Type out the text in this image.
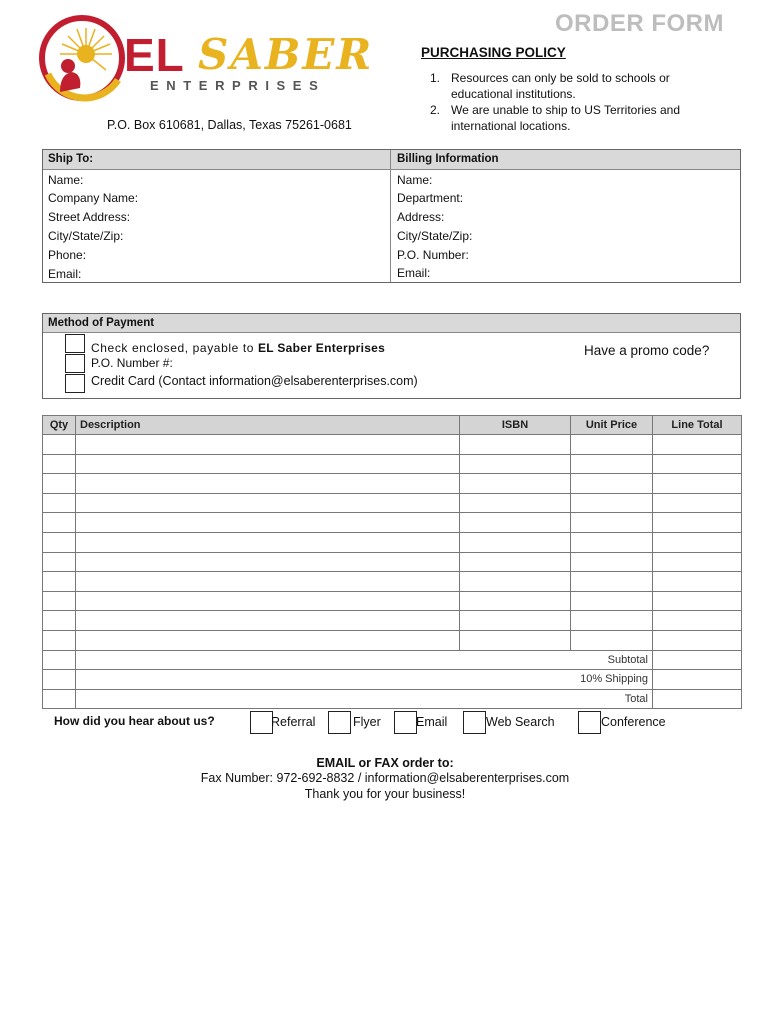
ORDER FORM
EL SABER
ENTERPRISES
PURCHASING POLICY
1. Resources can only be sold to schools or educational institutions.
2. We are unable to ship to US Territories and international locations.
P.O. Box 610681, Dallas, Texas 75261-0681
Ship To:	Billing Information
Name:
Company Name:
Street Address:
City/State/Zip:
Phone:
Email:
Name:
Department:
Address:
City/State/Zip:
P.O. Number:
Email:
Method of Payment
Check enclosed, payable to EL Saber Enterprises
P.O. Number #:
Credit Card (Contact information@elsaberenterprises.com)
Have a promo code?
Qty	Description	ISBN	Unit Price	Line Total

	Subtotal			
	10% Shipping			
	Total			
How did you hear about us?	Referral	Flyer	Email	Web Search	Conference
EMAIL or FAX order to:
Fax Number: 972-692-8832 / information@elsaberenterprises.com
Thank you for your business!
